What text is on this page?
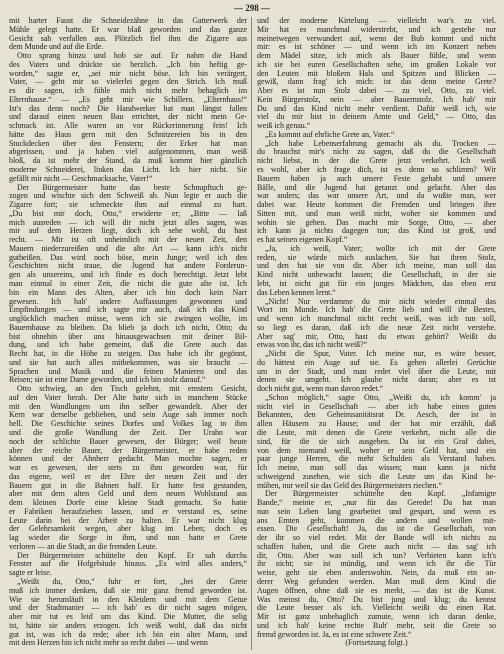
— 298 —
mit harter Faust die Schneidezähne in das Gatterwerk der
Mühle gelegt hatte. Er war blaß geworden und das ganze
Gesicht sah verfallen aus. Plötzlich fiel ihm die Zigarre aus
dem Munde und auf die Erde.
Otto sprang hinzu und hob sie auf. Er nahm die Hand
des Vaters und drückte sie herzlich. „Ich bin heftig ge-
worden,“ sagte er, „sei mir nicht böse. Ich bin verärgert,
Vater, — geht mir so vielerlei gegen den Strich. Ich muß
es dir sagen, ich fühle mich nicht mehr behaglich im
Elternhause.“ — „Es geht mir wie Schillern. „Elternhaus!“
Ist's das denn noch? Die Handwerker hat man längst fallen
und darauf einen neuen Bau errichtet, der nicht mein Ge-
schmack ist. Alle waren an vor Rückerinnerung fein! Ich
hätte das Haus gern mit den Schnitzereien bis in den
Stuckdecken über den Fenstern; der Erker hat man
abgerissen, und ja haben viel aufgenommen, man weiß
bloß, da ist mehr der Stand, da muß kommt hier gänzlich
moderne Schneiderei, linken das Licht. Ich hier nicht. Sie
gefällt mir nicht — Geschmacksache, Vater!“
Der Bürgermeister hatte das beste Schnupftuch ge-
zogen und wischte sich den Schweiß ab. Nun legte er auch die
Zigarre fort; sie schmeckte ihm auf einmal zu hart.
„Du bist mir doch, Otto,“ erwiderte er; „Bitte — laß
mich ausreden — ich will dir nicht jetzt alles sagen, was
mir auf dem Herzen liegt, doch ich sehe wohl, du hast
recht. — Mir ist oft unheimlich mit der neuen Zeit, den
Mauern niederzureißen und die alte Art — kann ich's nicht
gutheißen. Das wird noch böse, mein Junge; weil ich den
Geschichten nicht traue, die Jugend hat andere Forderun-
gen als unsereins, und ich finde es doch berechtigt. Jetzt lebt
man einmal in einer Zeit, die nicht die gute alte ist. Ich
bin ein Mann des Alten, aber ich bin doch kein Narr
gewesen. Ich hab' andere Auffassungen gewonnen und
Empfindungen — und ich sagte mir auch, daß ich das Kind
unglücklich machen müsse, wenn ich sie zwingen wollte, im
Bauernhause zu bleiben. Da blieb ja doch ich nicht, Otto; du
bist ohnehin über uns hinausgewachsen mit deiner Bil-
dung, und ich habe gemeint, daß die Grete auch das
Recht hat, in die Höhe zu steigen. Das habe ich ihr gegönnt,
und sie hat auch alles mitbekommen, was sie braucht —
Sprachen und Musik und die feinen Manieren und das
Reisen; sie ist eine Dame geworden, und ich bin stolz darauf.“
Otto schwieg, an den Tisch gelehnt, mit ernstem Gesicht,
auf den Vater herab. Der Alte hatte sich in manchem Stücke
mit den Wandlungen um ihn selber gewandelt. Aber der
Kern war derselbe geblieben, und sein Auge sah immer noch
hell. Die Geschichte seines Dorfes und Volkes lag in ihm
und die große Wandlung der Zeit. Der Urahn war
noch der schlichte Bauer gewesen, der Bürger; weil heute
aber der reiche Bauer, der Bürgermeister, er habe reden
können und der Ahnherr gedacht. Man mochte sagen, er
war es gewesen, der stets zu ihm geworden war, für
das eigene, weil er der Ehre der neuen Zeit und der
Bauern gut in die Bahnen half. Er hatte fest gestanden,
aber mit dem alten Geld und dem neuen Wohlstand aus
dem kleinen Dorfe eine kleine Stadt gemacht. So hatte
er Fabriken heraufziehen lassen, und er verstand es, seine
Leute darin bei der Arbeit zu halten. Er war nicht klug
der Gelehrsamkeit wegen, aber klug im Leben; doch es
lag wieder die Sorge in ihm, und nun hatte er Grete
verloren — an die Stadt, an die fremden Leute.
Der Bürgermeister schüttelte den Kopf. Er sah durchs
Fenster auf die Hofgebäude hinaus. „Es wird alles anders,“
sagte er leise.
„Weißt du, Otto,“ fuhr er fort, „bei der Grete
muß ich immer denken, daß sie mir ganz fremd geworden ist.
Wie sie herumläuft in den Kleidern und mit dem Getue
und der Stadtmanier — ich hab' es dir nicht sagen mögen,
aber mir tut es leid um das Kind. Die Mutter, die selig
ist, hätte sie anders erzogen. Ich weiß wohl, daß das nicht
gut ist, was ich da rede; aber ich bin ein alter Mann, und
mit dem Herzen bin ich nicht mehr so recht dabei — und wenn
und der moderne Kirtelung — vielleicht war's zu viel.
Mir hat es manchmal widerstrebt, und ich gestehe nur
meinetwegen verwundert auf, wenn der Bub kommt und nicht
mir: es ist schöner — und wenn ich im Konzert neben
dem Mädel sitze, ich mich als Bauer fühle, und wenn
ich sie bei euren Gesellschaften sehe, im großen Lokale vor
den Leuten mit bloßem Hals und Spitzen und Blicken —
gewiß, dann frag' ich mich: ist das denn meine Grete?
Aber es ist nun Stolz dabei — zu viel, Otto, zu viel.
Kein Bürgerstolz, nein — aber Bauernstolz. Ich hab' mir
Du und das Kind nicht mehr verdient. Dafür weiß ich, wie
viel du mir bist in deinem Amte und Geld,“ — Otto, das
weiß ich genau.“
„Es kommt auf ehrliche Grete an, Vater.“
„Ich habe Lebenserfahrung gemacht als du. Trocken —
du brauchst mir's nicht zu sagen, daß du die Gesellschaft
nicht liebst, in der die Grete jetzt verkehrt. Ich weiß
es wohl, aber ich frage dich, ist es denn so schlimm? Wir
Bauern haben ja auch unsere Feste gehabt und unsere
Bälle, und die Jugend hat getanzt und gelacht. Aber das
war anders; das war unsere Art, und da wußte man, wer
dabei war. Heute kommen die Fremden und bringen ihre
Sitten mit, und man weiß nicht, woher sie kommen und
wohin sie gehen. Das macht mir Sorge, Otto, — aber
ich kann ja nichts dagegen tun; das Kind ist groß, und
es hat seinen eigenen Kopf.“
„Ja, ich weiß, Vater; wollte ich mit der Grete
reden, sie würde mich auslachen. Sie hat ihren Stolz,
und den hat sie von dir. Aber ich meine, man soll das
Kind nicht unbewacht lassen; die Gesellschaft, in der sie
lebt, ist nicht gut für ein junges Mädchen, das eben erst
das Leben kennen lernt.“
„Nicht! Nur verdamme du mir nicht wieder einmal das
Wort im Munde. Ich hab' die Grete lieb und will ihr Bestes,
und wenn ich manchmal nicht recht weiß, was ich tun soll,
so liegt es daran, daß ich die neue Zeit nicht verstehe.
Aber sag' mir, Otto, hast du etwas gehört? Weißt du
etwas von ihr, das ich nicht weiß?“
„Nicht die Spur, Vater. Ich meine nur, es wäre besser,
du hättest ein Auge auf sie. Es gehen allerlei Gerüchte
um in der Stadt, und man redet viel über die Leute, mit
denen sie umgeht. Ich glaube nicht daran; aber es ist
doch nicht gut, wenn man davon redet.“
„Schon möglich,“ sagte Otto, „Weißt du, ich komm' ja
nicht viel in Gesellschaft — aber ich habe einen guten
Bekannten, den Geheimsanitätsrat Dr. Aesch, der ist in
allen Häusern zu Hause; und der hat mir erzählt, daß
die Leute, mit denen die Grete verkehrt, nicht alle die
sind, für die sie sich ausgeben. Da ist ein Graf dabei,
von dem niemand weiß, woher er sein Geld hat, und ein
paar junge Herren, die mehr Schulden als Verstand haben.
Ich meine, man soll das wissen; man kann ja nicht
schweigend zusehen, wie sich die Leute um das Kind be-
mühen, nur weil sie das Geld des Bürgermeisters riechen.“
Der Bürgermeister schüttelte den Kopf. „Infamigte
Bande,“ meinte er, „nur für das Gerede! Da hat man
nun sein Leben lang gearbeitet und gespart, und wenn es
ans Ernten geht, kommen die andern und wollen mit-
essen. Die Gesellschaft! Ja, das ist die Gesellschaft, von
der ihr so viel redet. Mit der Bande will ich nichts zu
schaffen haben, und die Grete auch nicht — das sag' ich
dir, Otto. Aber was soll ich tun? Verbieten kann ich's
ihr nicht; sie ist mündig, und wenn ich ihr die Tür
weise, geht sie eben anderswohin. Nein, da muß ein an-
derer Weg gefunden werden. Man muß dem Kind die
Augen öffnen, ohne daß sie es merkt, — das ist die Kunst.
Was meinst du, Otto? Du bist jung und klug; du kennst
die Leute besser als ich. Vielleicht weißt du einen Rat.
Mir ist ganz unbehaglich zumute, wenn ich daran denke,
und ich hab' keine rechte Ruh' mehr, seit die Grete so
fremd geworden ist. Ja, es ist eine schwere Zeit.“
(Fortsetzung folgt.)
